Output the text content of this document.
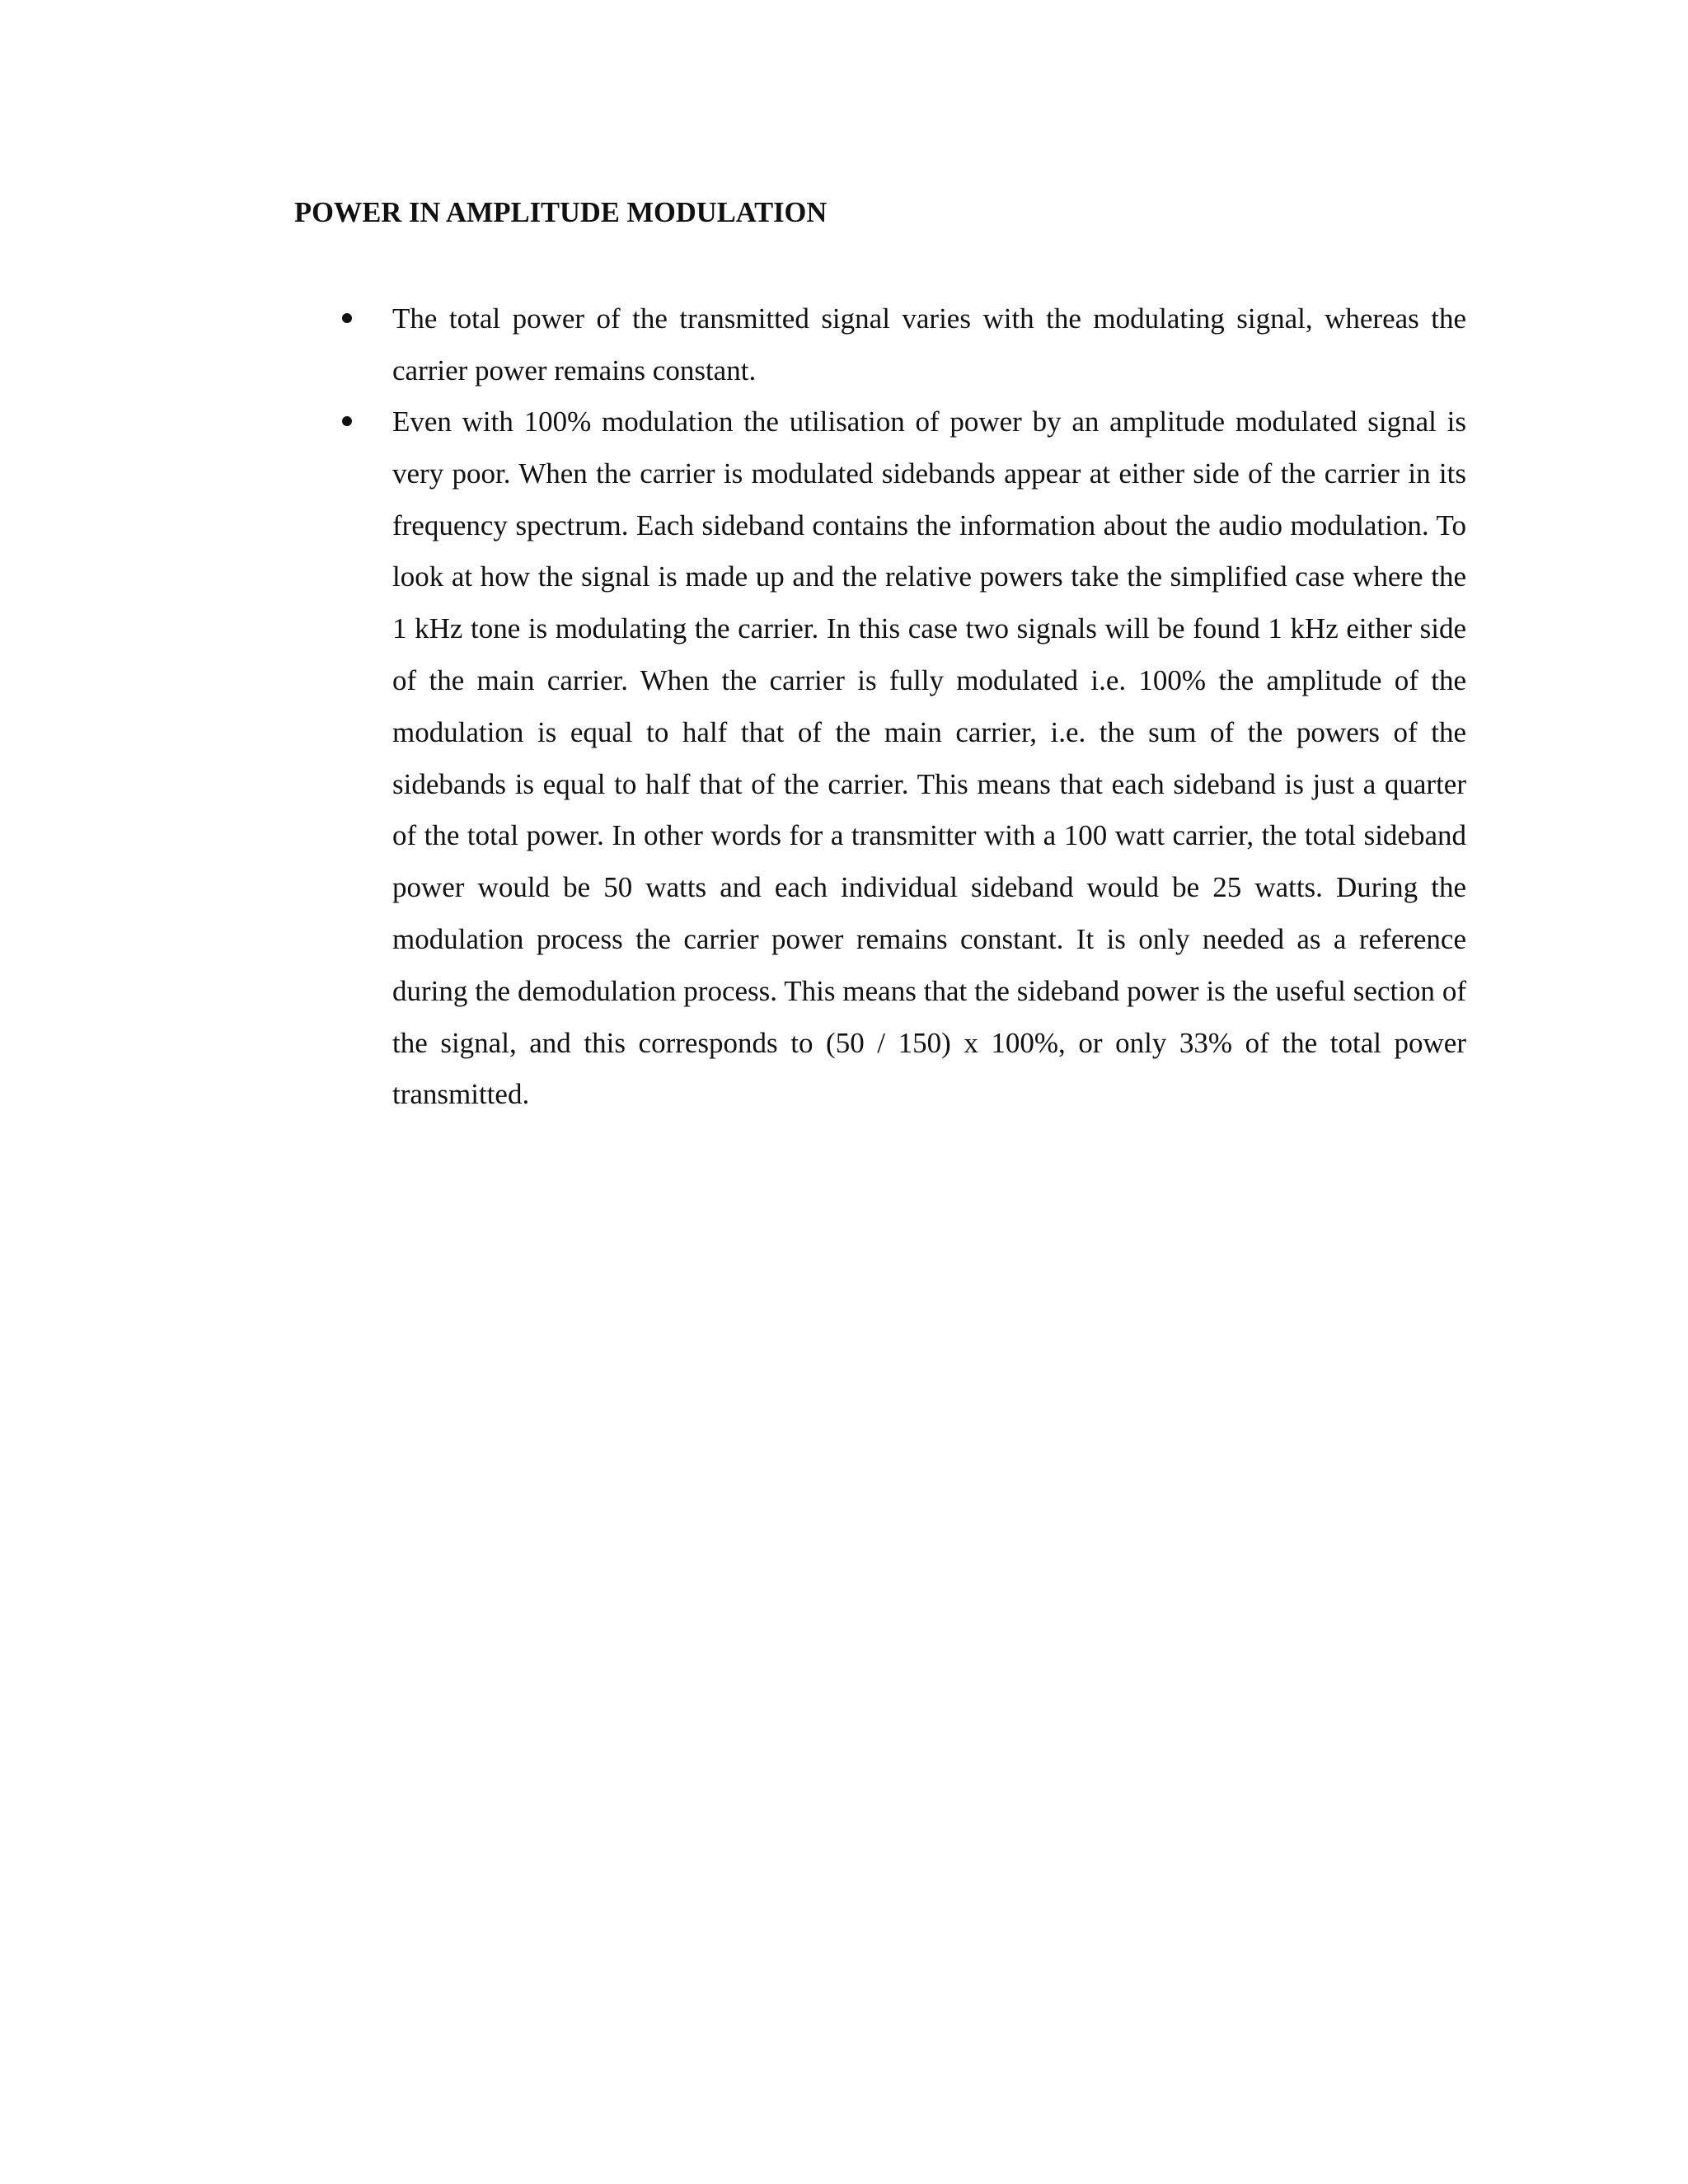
POWER IN AMPLITUDE MODULATION
The total power of the transmitted signal varies with the modulating signal, whereas the carrier power remains constant.
Even with 100% modulation the utilisation of power by an amplitude modulated signal is very poor. When the carrier is modulated sidebands appear at either side of the carrier in its frequency spectrum. Each sideband contains the information about the audio modulation. To look at how the signal is made up and the relative powers take the simplified case where the 1 kHz tone is modulating the carrier. In this case two signals will be found 1 kHz either side of the main carrier. When the carrier is fully modulated i.e. 100% the amplitude of the modulation is equal to half that of the main carrier, i.e. the sum of the powers of the sidebands is equal to half that of the carrier. This means that each sideband is just a quarter of the total power. In other words for a transmitter with a 100 watt carrier, the total sideband power would be 50 watts and each individual sideband would be 25 watts. During the modulation process the carrier power remains constant. It is only needed as a reference during the demodulation process. This means that the sideband power is the useful section of the signal, and this corresponds to (50 / 150) x 100%, or only 33% of the total power transmitted.
